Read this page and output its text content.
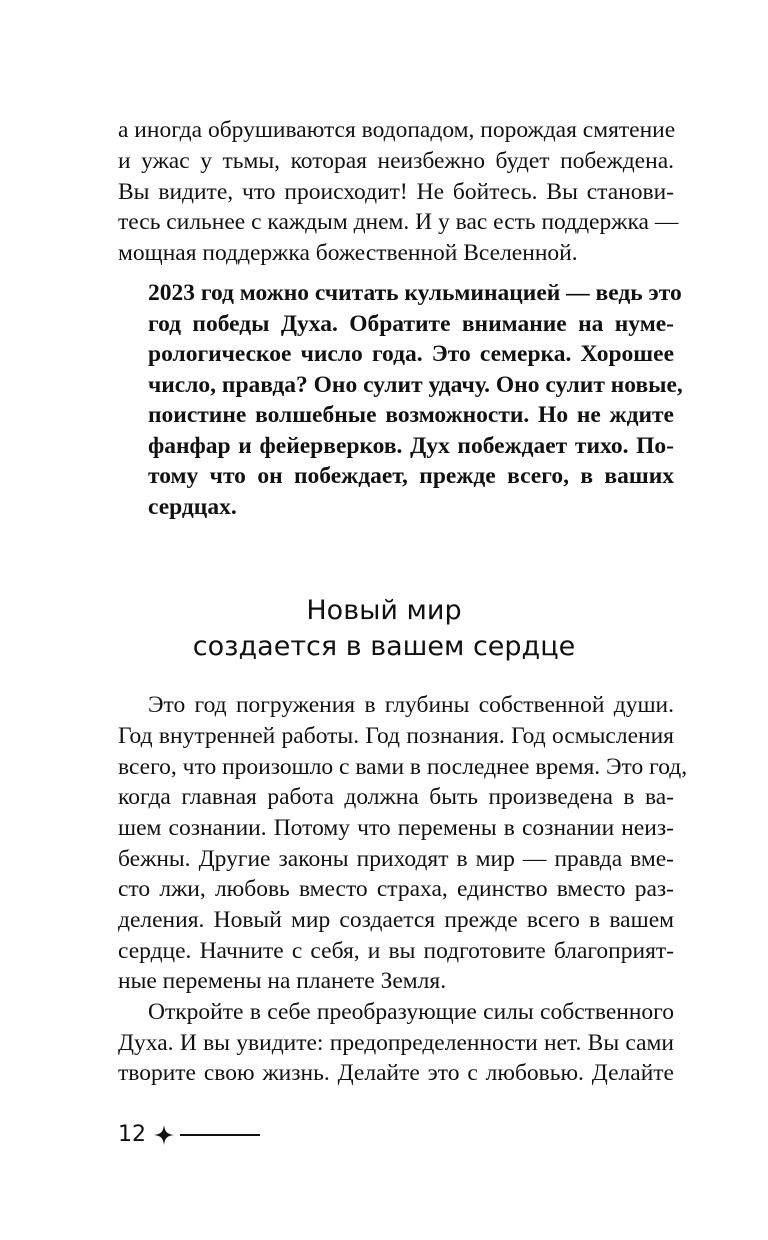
а иногда обрушиваются водопадом, порождая смятение
и ужас у тьмы, которая неизбежно будет побеждена.
Вы видите, что происходит! Не бойтесь. Вы станови-
тесь сильнее с каждым днем. И у вас есть поддержка —
мощная поддержка божественной Вселенной.
2023 год можно считать кульминацией — ведь это
год победы Духа. Обратите внимание на нуме-
рологическое число года. Это семерка. Хорошее
число, правда? Оно сулит удачу. Оно сулит новые,
поистине волшебные возможности. Но не ждите
фанфар и фейерверков. Дух побеждает тихо. По-
тому что он побеждает, прежде всего, в ваших
сердцах.
Новый мир
создается в вашем сердце
Это год погружения в глубины собственной души.
Год внутренней работы. Год познания. Год осмысления
всего, что произошло с вами в последнее время. Это год,
когда главная работа должна быть произведена в ва-
шем сознании. Потому что перемены в сознании неиз-
бежны. Другие законы приходят в мир — правда вме-
сто лжи, любовь вместо страха, единство вместо раз-
деления. Новый мир создается прежде всего в вашем
сердце. Начните с себя, и вы подготовите благоприят-
ные перемены на планете Земля.
Откройте в себе преобразующие силы собственного
Духа. И вы увидите: предопределенности нет. Вы сами
творите свою жизнь. Делайте это с любовью. Делайте
12
